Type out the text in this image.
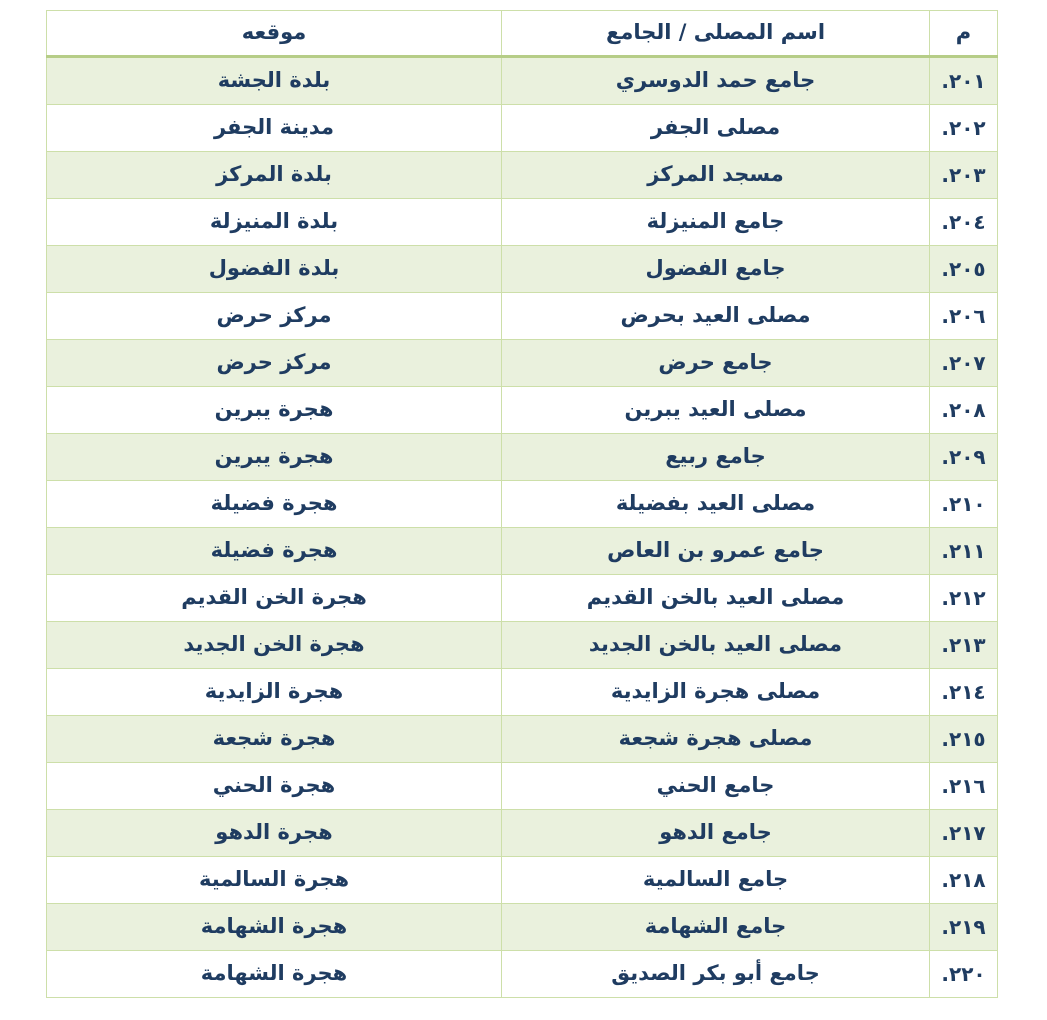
م	اسم المصلى / الجامع	موقعه
٢٠١.	جامع حمد الدوسري	بلدة الجشة
٢٠٢.	مصلى الجفر	مدينة الجفر
٢٠٣.	مسجد المركز	بلدة المركز
٢٠٤.	جامع المنيزلة	بلدة المنيزلة
٢٠٥.	جامع الفضول	بلدة الفضول
٢٠٦.	مصلى العيد بحرض	مركز حرض
٢٠٧.	جامع حرض	مركز حرض
٢٠٨.	مصلى العيد يبرين	هجرة يبرين
٢٠٩.	جامع ربيع	هجرة يبرين
٢١٠.	مصلى العيد بفضيلة	هجرة فضيلة
٢١١.	جامع عمرو بن العاص	هجرة فضيلة
٢١٢.	مصلى العيد بالخن القديم	هجرة الخن القديم
٢١٣.	مصلى العيد بالخن الجديد	هجرة الخن الجديد
٢١٤.	مصلى هجرة الزايدية	هجرة الزايدية
٢١٥.	مصلى هجرة شجعة	هجرة شجعة
٢١٦.	جامع الحني	هجرة الحني
٢١٧.	جامع الدهو	هجرة الدهو
٢١٨.	جامع السالمية	هجرة السالمية
٢١٩.	جامع الشهامة	هجرة الشهامة
٢٢٠.	جامع أبو بكر الصديق	هجرة الشهامة
